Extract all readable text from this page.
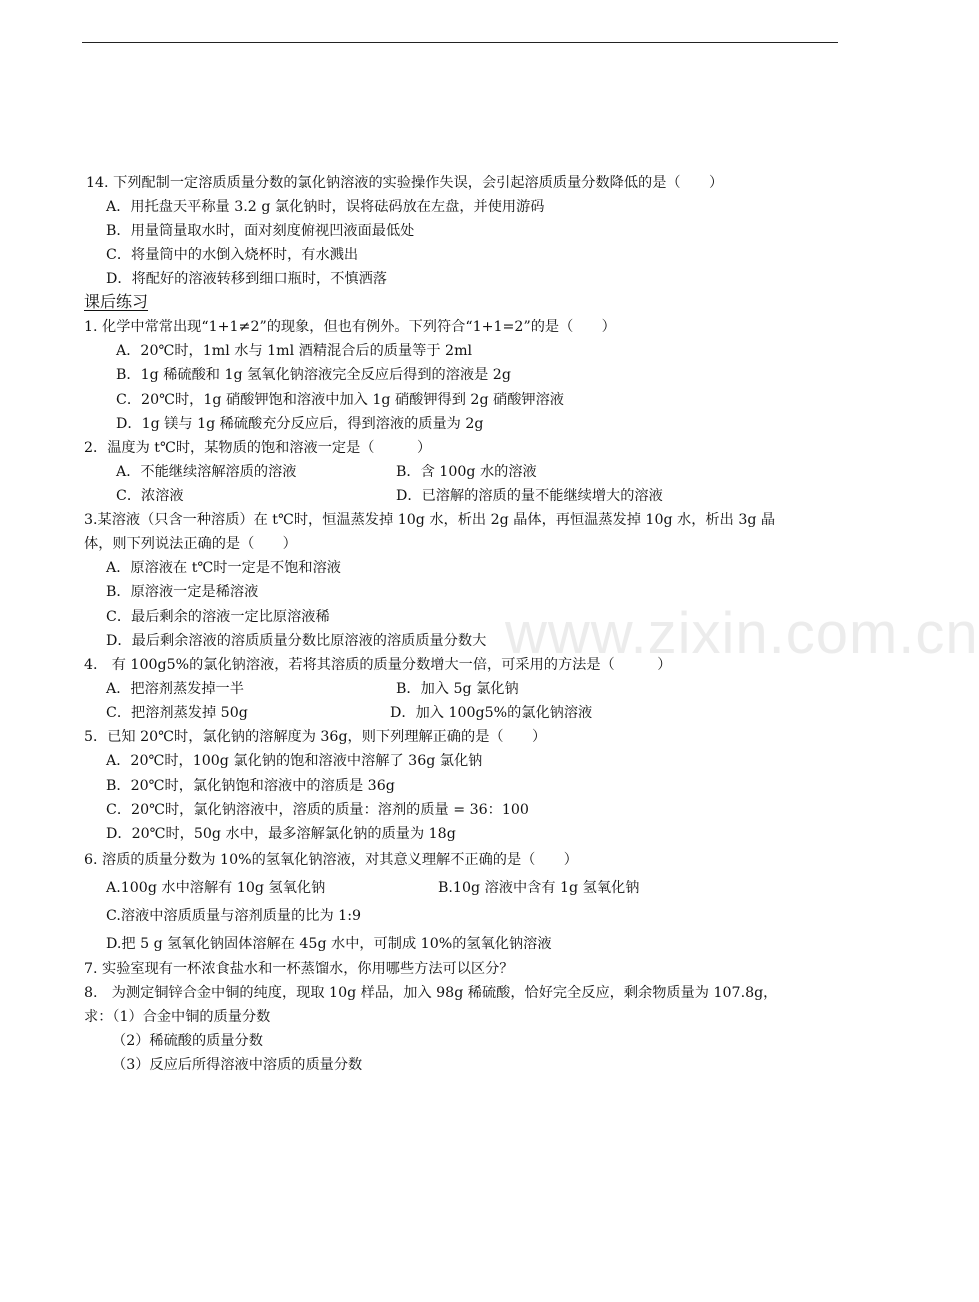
www.zixin.com.cn
14. 下列配制一定溶质质量分数的氯化钠溶液的实验操作失误，会引起溶质质量分数降低的是（　　）
A．用托盘天平称量 3.2 g 氯化钠时，误将砝码放在左盘，并使用游码
B．用量筒量取水时，面对刻度俯视凹液面最低处
C．将量筒中的水倒入烧杯时，有水溅出
D．将配好的溶液转移到细口瓶时，不慎洒落
课后练习
1. 化学中常常出现“1+1≠2”的现象，但也有例外。下列符合“1+1=2”的是（　　）
A．20℃时，1ml 水与 1ml 酒精混合后的质量等于 2ml
B．1g 稀硫酸和 1g 氢氧化钠溶液完全反应后得到的溶液是 2g
C．20℃时，1g 硝酸钾饱和溶液中加入 1g 硝酸钾得到 2g 硝酸钾溶液
D．1g 镁与 1g 稀硫酸充分反应后，得到溶液的质量为 2g
2．温度为 t℃时，某物质的饱和溶液一定是（　　　）
A．不能继续溶解溶质的溶液	B．含 100g 水的溶液
C．浓溶液	D．已溶解的溶质的量不能继续增大的溶液
3.某溶液（只含一种溶质）在 t℃时，恒温蒸发掉 10g 水，析出 2g 晶体，再恒温蒸发掉 10g 水，析出 3g 晶
体，则下列说法正确的是（　　）
A．原溶液在 t℃时一定是不饱和溶液
B．原溶液一定是稀溶液
C．最后剩余的溶液一定比原溶液稀
D．最后剩余溶液的溶质质量分数比原溶液的溶质质量分数大
4.　有 100g5%的氯化钠溶液，若将其溶质的质量分数增大一倍，可采用的方法是（　　　）
A．把溶剂蒸发掉一半	B．加入 5g 氯化钠
C．把溶剂蒸发掉 50g	D．加入 100g5%的氯化钠溶液
5．已知 20℃时，氯化钠的溶解度为 36g，则下列理解正确的是（　　）
A．20℃时，100g 氯化钠的饱和溶液中溶解了 36g 氯化钠
B．20℃时，氯化钠饱和溶液中的溶质是 36g
C．20℃时，氯化钠溶液中，溶质的质量：溶剂的质量 = 36：100
D．20℃时，50g 水中，最多溶解氯化钠的质量为 18g
6. 溶质的质量分数为 10%的氢氧化钠溶液，对其意义理解不正确的是（　　）
A.100g 水中溶解有 10g 氢氧化钠	B.10g 溶液中含有 1g 氢氧化钠
C.溶液中溶质质量与溶剂质量的比为 1:9
D.把 5 g 氢氧化钠固体溶解在 45g 水中，可制成 10%的氢氧化钠溶液
7. 实验室现有一杯浓食盐水和一杯蒸馏水，你用哪些方法可以区分？
8.　为测定铜锌合金中铜的纯度，现取 10g 样品，加入 98g 稀硫酸，恰好完全反应，剩余物质量为 107.8g，
求：（1）合金中铜的质量分数
（2）稀硫酸的质量分数
（3）反应后所得溶液中溶质的质量分数
